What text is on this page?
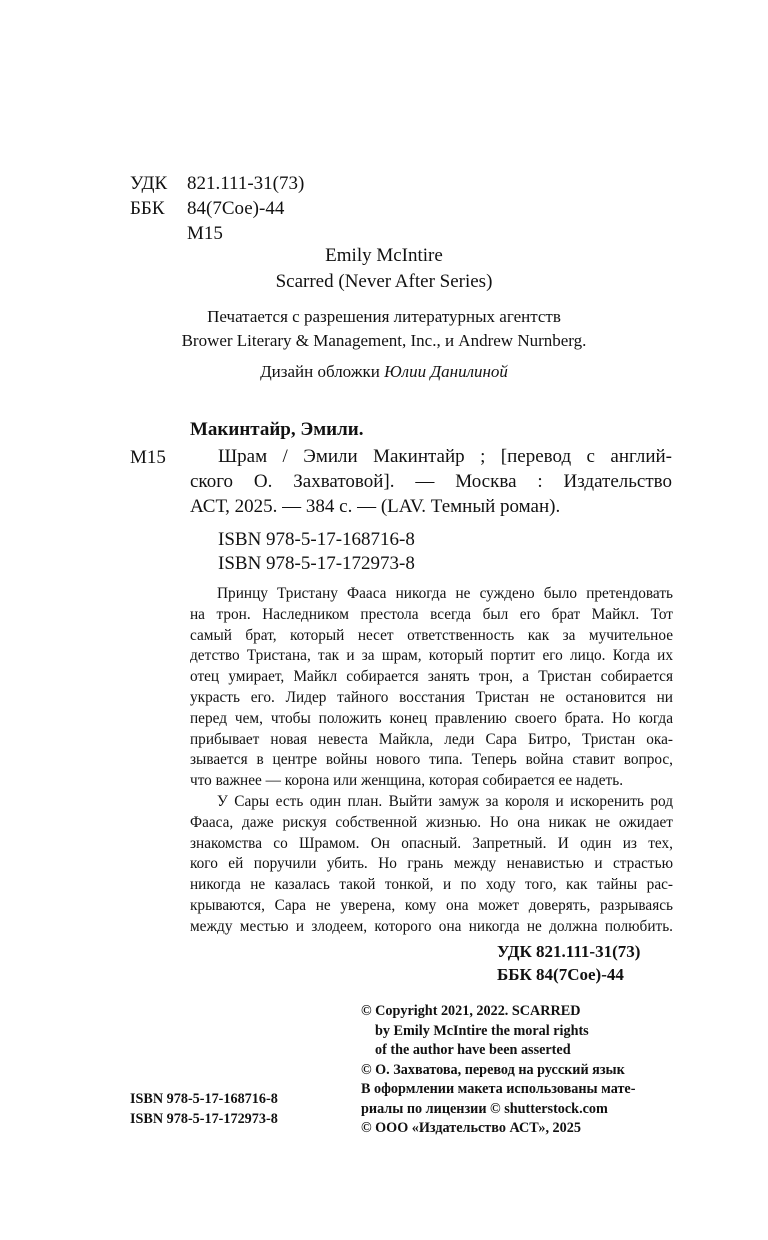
УДК 821.111-31(73)
ББК 84(7Сое)-44
М15
Emily McIntire
Scarred (Never After Series)
Печатается с разрешения литературных агентств
Brower Literary & Management, Inc., и Andrew Nurnberg.
Дизайн обложки Юлии Данилиной
Макинтайр, Эмили.
М15	Шрам / Эмили Макинтайр ; [перевод с англий-
ского О. Захватовой]. — Москва : Издательство
АСТ, 2025. — 384 с. — (LAV. Темный роман).
ISBN 978-5-17-168716-8
ISBN 978-5-17-172973-8
Принцу Тристану Фааса никогда не суждено было претендовать
на трон. Наследником престола всегда был его брат Майкл. Тот
самый брат, который несет ответственность как за мучительное
детство Тристана, так и за шрам, который портит его лицо. Когда их
отец умирает, Майкл собирается занять трон, а Тристан собирается
украсть его. Лидер тайного восстания Тристан не остановится ни
перед чем, чтобы положить конец правлению своего брата. Но когда
прибывает новая невеста Майкла, леди Сара Битро, Тристан ока-
зывается в центре войны нового типа. Теперь война ставит вопрос,
что важнее — корона или женщина, которая собирается ее надеть.
У Сары есть один план. Выйти замуж за короля и искоренить род
Фааса, даже рискуя собственной жизнью. Но она никак не ожидает
знакомства со Шрамом. Он опасный. Запретный. И один из тех,
кого ей поручили убить. Но грань между ненавистью и страстью
никогда не казалась такой тонкой, и по ходу того, как тайны рас-
крываются, Сара не уверена, кому она может доверять, разрываясь
между местью и злодеем, которого она никогда не должна полюбить.
УДК 821.111-31(73)
ББК 84(7Сое)-44
© Copyright 2021, 2022. SCARRED
by Emily McIntire the moral rights
of the author have been asserted
© О. Захватова, перевод на русский язык
В оформлении макета использованы мате-
риалы по лицензии © shutterstock.com
© ООО «Издательство АСТ», 2025
ISBN 978-5-17-168716-8
ISBN 978-5-17-172973-8
